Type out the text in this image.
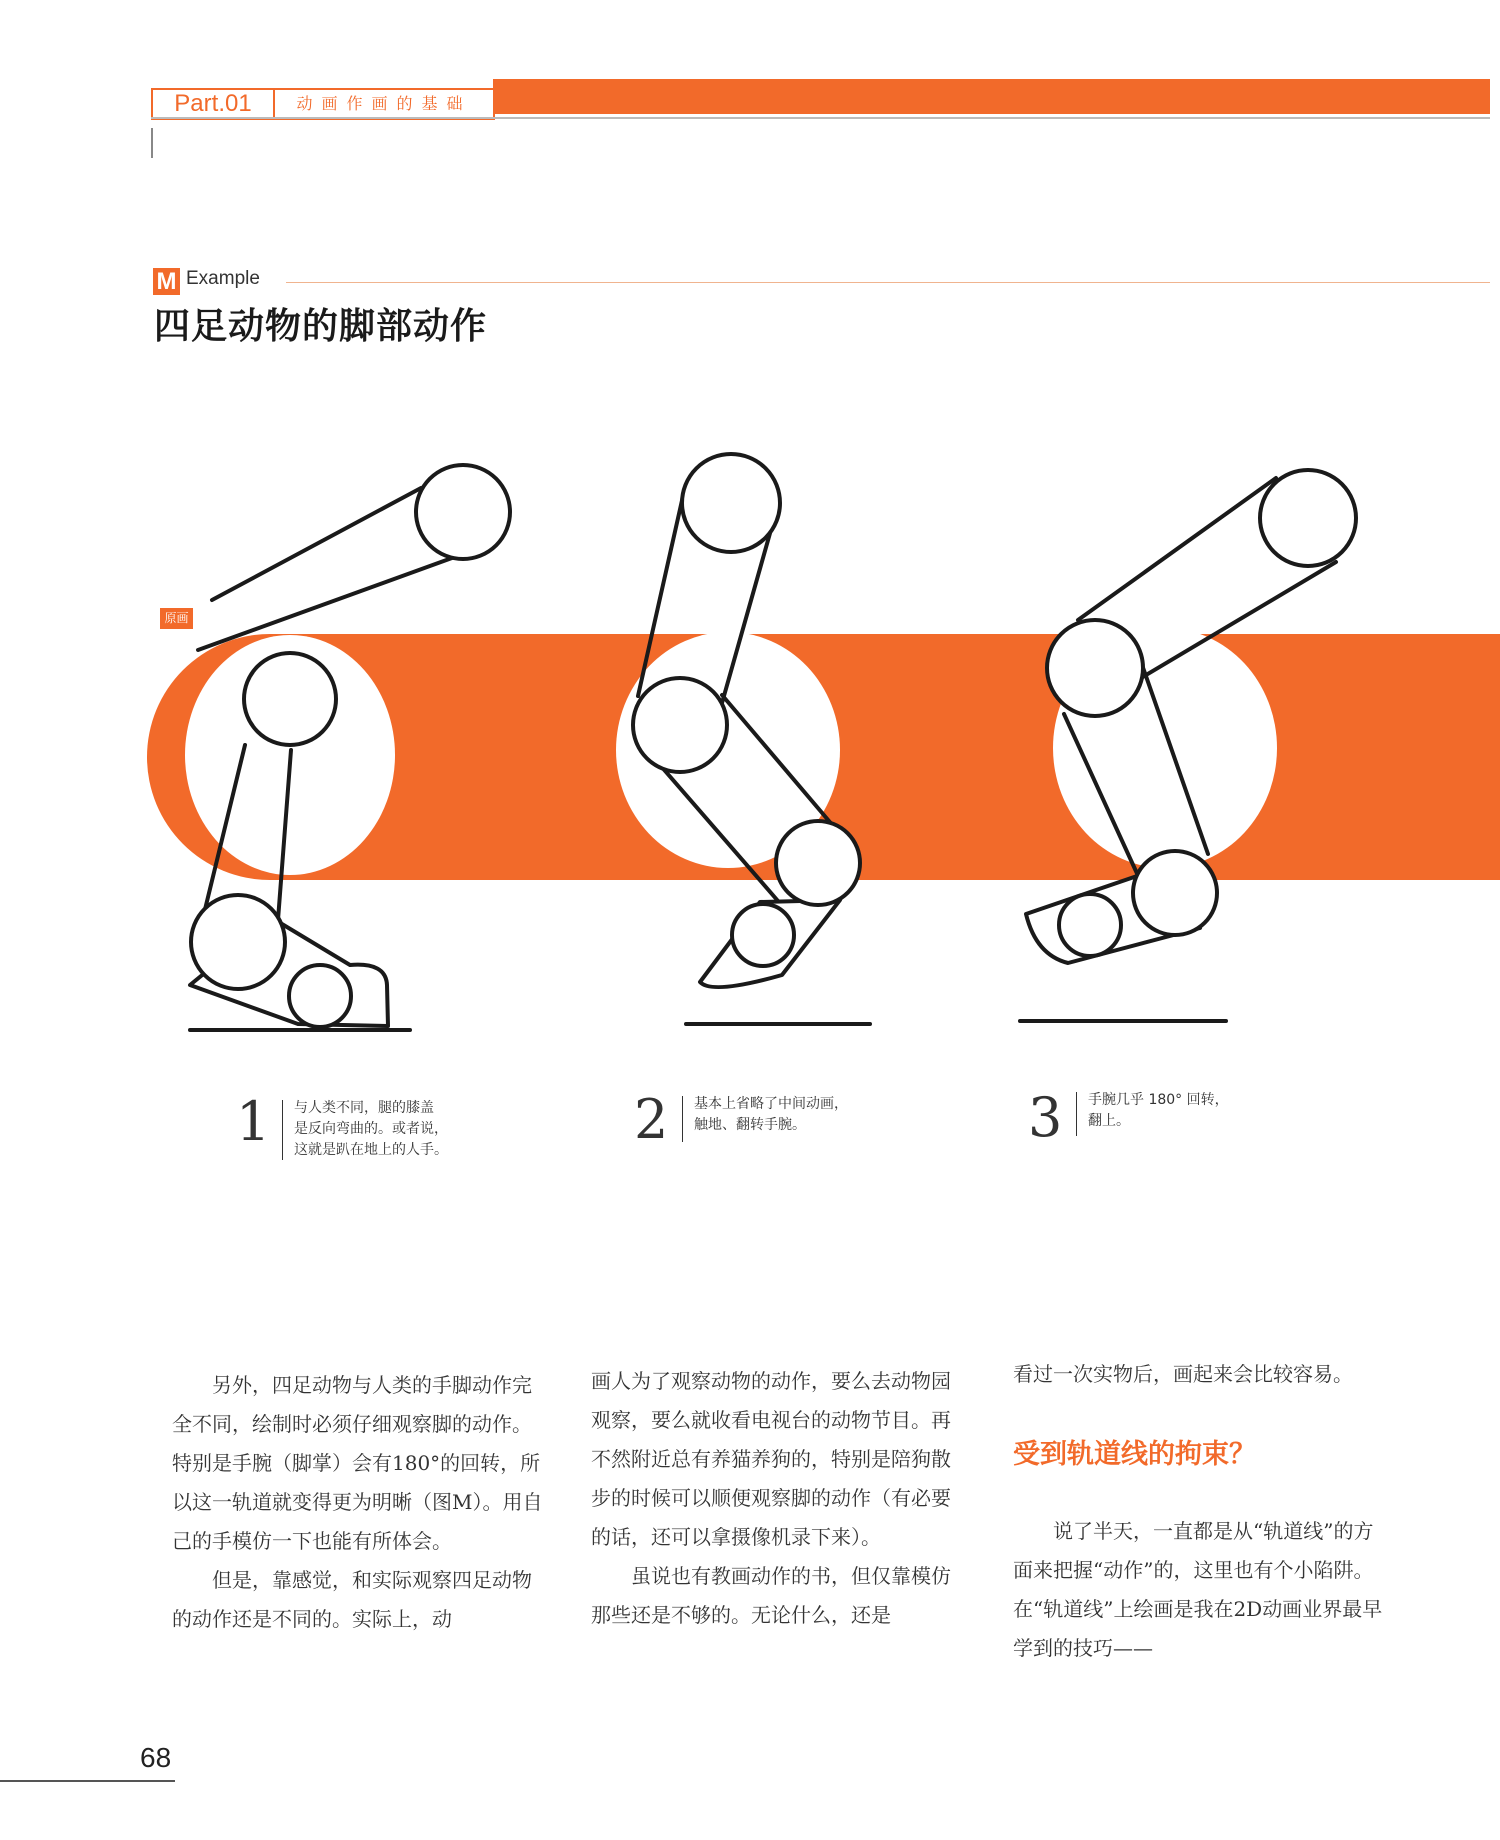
Part.01	动画作画的基础
M Example
四足动物的脚部动作
原画
1 与人类不同，腿的膝盖
是反向弯曲的。或者说，
这就是趴在地上的人手。	2 基本上省略了中间动画，
触地、翻转手腕。	3 手腕几乎 180° 回转，
翻上。

另外，四足动物与人类的手脚动作完全不同，绘制时必须仔细观察脚的动作。特别是手腕（脚掌）会有180°的回转，所以这一轨道就变得更为明晰（图M）。用自己的手模仿一下也能有所体会。

但是，靠感觉，和实际观察四足动物的动作还是不同的。实际上，动

画人为了观察动物的动作，要么去动物园观察，要么就收看电视台的动物节目。再不然附近总有养猫养狗的，特别是陪狗散步的时候可以顺便观察脚的动作（有必要的话，还可以拿摄像机录下来）。

虽说也有教画动作的书，但仅靠模仿那些还是不够的。无论什么，还是

看过一次实物后，画起来会比较容易。

受到轨道线的拘束？

说了半天，一直都是从“轨道线”的方面来把握“动作”的，这里也有个小陷阱。在“轨道线”上绘画是我在2D动画业界最早学到的技巧——

68
